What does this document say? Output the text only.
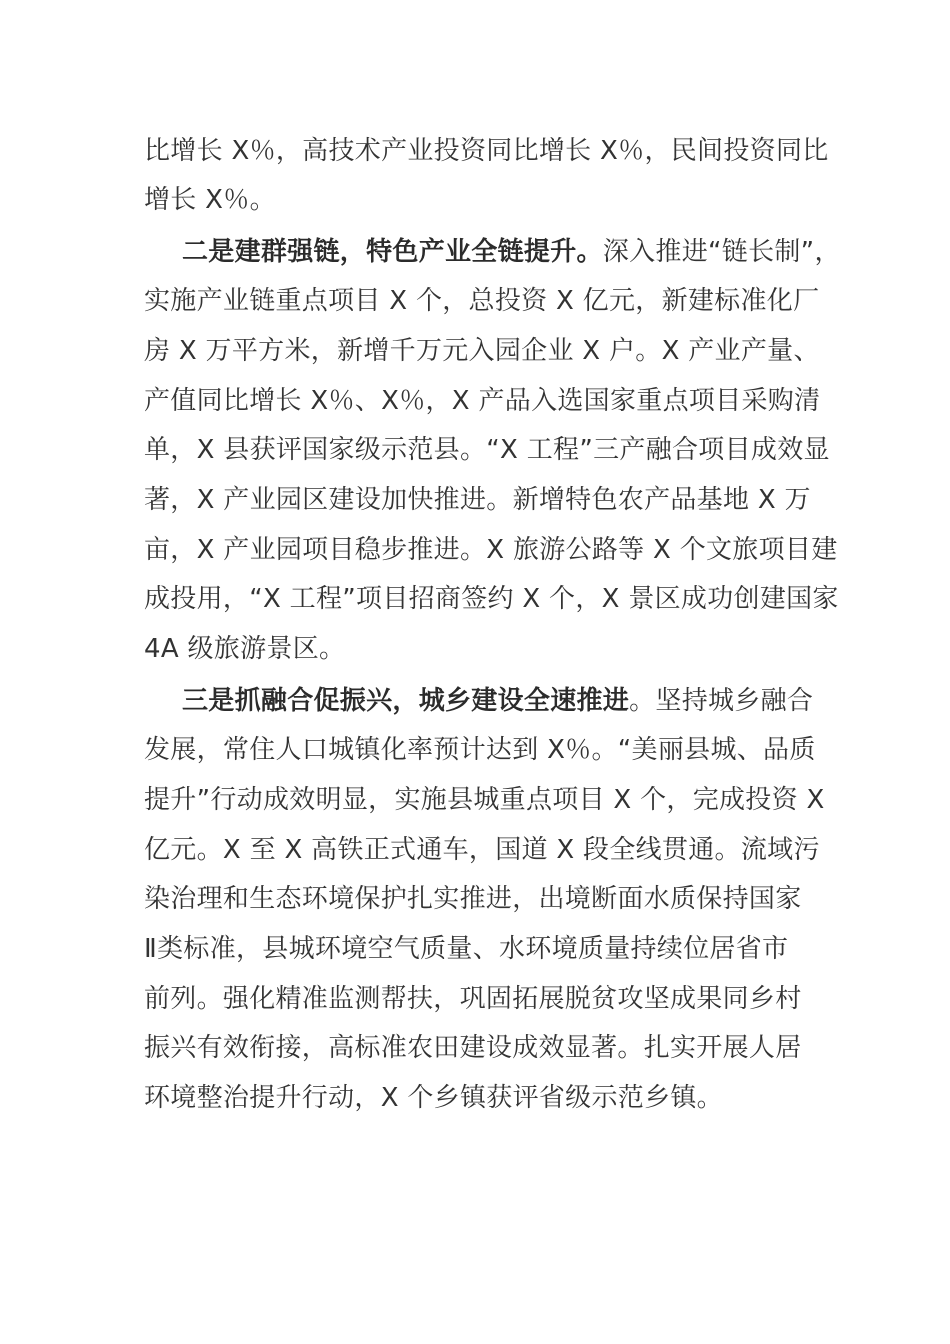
比增长 X％，高技术产业投资同比增长 X％，民间投资同比
增长 X％。
二是建群强链，特色产业全链提升。深入推进“链长制”，
实施产业链重点项目 X 个，总投资 X 亿元，新建标准化厂
房 X 万平方米，新增千万元入园企业 X 户。X 产业产量、
产值同比增长 X％、X％，X 产品入选国家重点项目采购清
单，X 县获评国家级示范县。“X 工程”三产融合项目成效显
著，X 产业园区建设加快推进。新增特色农产品基地 X 万
亩，X 产业园项目稳步推进。X 旅游公路等 X 个文旅项目建
成投用，“X 工程”项目招商签约 X 个，X 景区成功创建国家
4A 级旅游景区。
三是抓融合促振兴，城乡建设全速推进。坚持城乡融合
发展，常住人口城镇化率预计达到 X％。“美丽县城、品质
提升”行动成效明显，实施县城重点项目 X 个，完成投资 X
亿元。X 至 X 高铁正式通车，国道 X 段全线贯通。流域污
染治理和生态环境保护扎实推进，出境断面水质保持国家
Ⅱ类标准，县城环境空气质量、水环境质量持续位居省市
前列。强化精准监测帮扶，巩固拓展脱贫攻坚成果同乡村
振兴有效衔接，高标准农田建设成效显著。扎实开展人居
环境整治提升行动，X 个乡镇获评省级示范乡镇。
